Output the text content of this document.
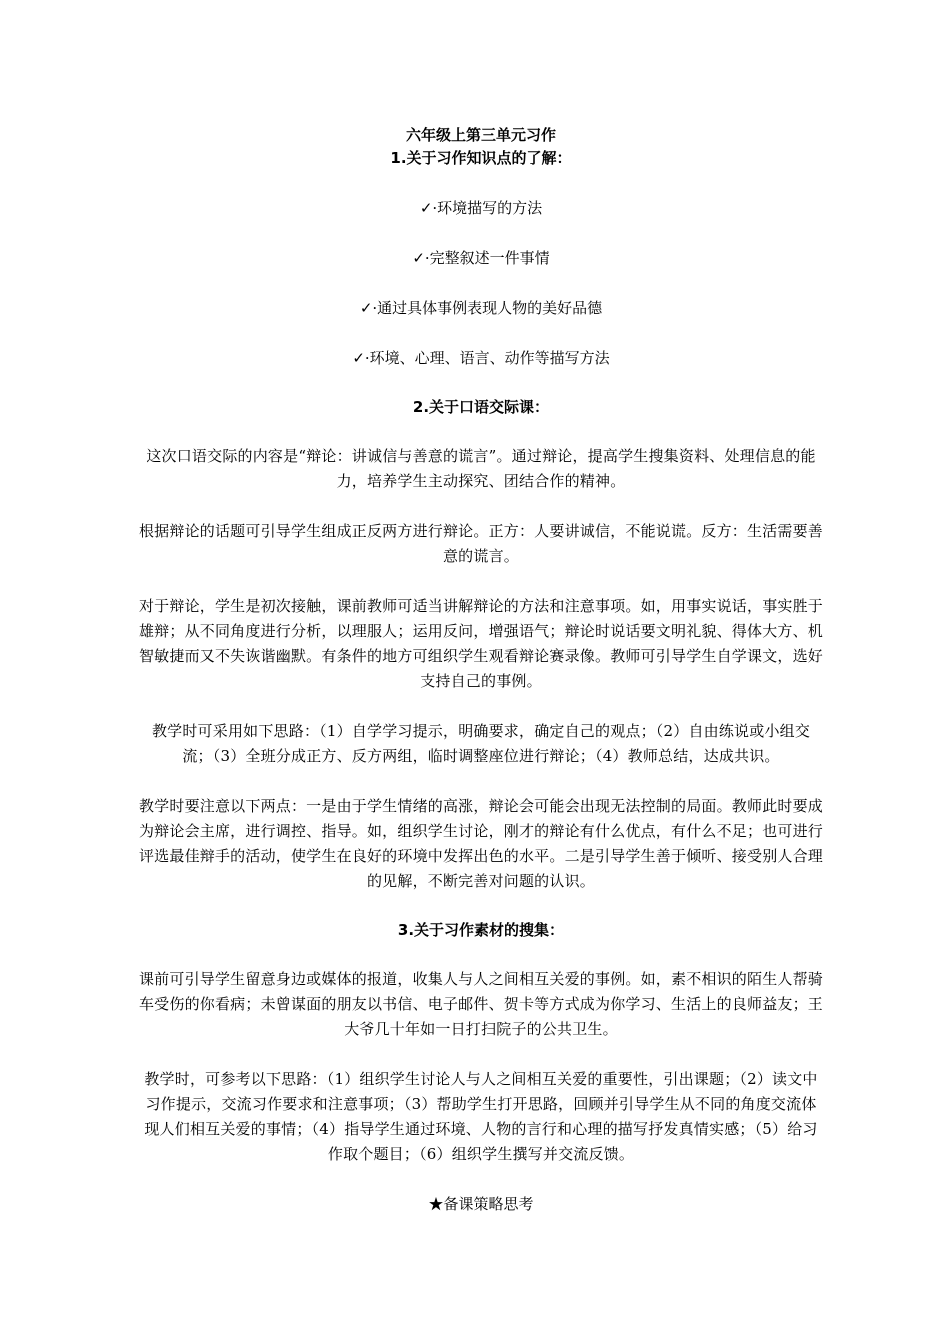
六年级上第三单元习作

1.关于习作知识点的了解：

✓·环境描写的方法
✓·完整叙述一件事情
✓·通过具体事例表现人物的美好品德
✓·环境、心理、语言、动作等描写方法

2.关于口语交际课：

这次口语交际的内容是“辩论：讲诚信与善意的谎言”。通过辩论，提高学生搜集资料、处理信息的能力，培养学生主动探究、团结合作的精神。

根据辩论的话题可引导学生组成正反两方进行辩论。正方：人要讲诚信，不能说谎。反方：生活需要善意的谎言。

对于辩论，学生是初次接触，课前教师可适当讲解辩论的方法和注意事项。如，用事实说话，事实胜于雄辩；从不同角度进行分析，以理服人；运用反问，增强语气；辩论时说话要文明礼貌、得体大方、机智敏捷而又不失诙谐幽默。有条件的地方可组织学生观看辩论赛录像。教师可引导学生自学课文，选好支持自己的事例。

教学时可采用如下思路：（1）自学学习提示，明确要求，确定自己的观点；（2）自由练说或小组交流；（3）全班分成正方、反方两组，临时调整座位进行辩论；（4）教师总结，达成共识。

教学时要注意以下两点：一是由于学生情绪的高涨，辩论会可能会出现无法控制的局面。教师此时要成为辩论会主席，进行调控、指导。如，组织学生讨论，刚才的辩论有什么优点，有什么不足；也可进行评选最佳辩手的活动，使学生在良好的环境中发挥出色的水平。二是引导学生善于倾听、接受别人合理的见解，不断完善对问题的认识。

3.关于习作素材的搜集：

课前可引导学生留意身边或媒体的报道，收集人与人之间相互关爱的事例。如，素不相识的陌生人帮骑车受伤的你看病；未曾谋面的朋友以书信、电子邮件、贺卡等方式成为你学习、生活上的良师益友；王大爷几十年如一日打扫院子的公共卫生。

教学时，可参考以下思路：（1）组织学生讨论人与人之间相互关爱的重要性，引出课题；（2）读文中习作提示，交流习作要求和注意事项；（3）帮助学生打开思路，回顾并引导学生从不同的角度交流体现人们相互关爱的事情；（4）指导学生通过环境、人物的言行和心理的描写抒发真情实感；（5）给习作取个题目；（6）组织学生撰写并交流反馈。

★备课策略思考
